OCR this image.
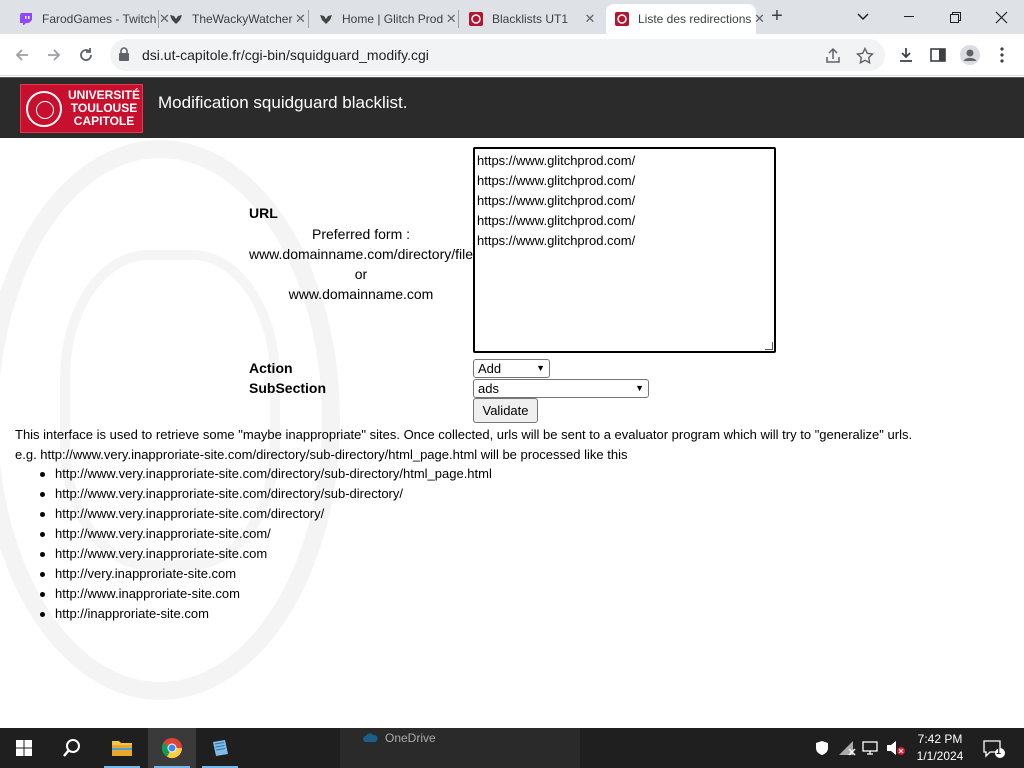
FarodGames - Twitch ✕ TheWackyWatcher ✕	Home | Glitch Prod ✕	Blacklists UT1	✕	Liste des redirections ✕ +
dsi.ut-capitole.fr/cgi-bin/squidguard_modify.cgi
UNIVERSITÉ
TOULOUSE
CAPITOLE
Modification squidguard blacklist.
URL
Preferred form :
www.domainname.com/directory/file
or
www.domainname.com
https://www.glitchprod.com/
https://www.glitchprod.com/
https://www.glitchprod.com/
https://www.glitchprod.com/
https://www.glitchprod.com/
Action	Add	▼
SubSection	ads	▼
Validate
This interface is used to retrieve some "maybe inappropriate" sites. Once collected, urls will be sent to a evaluator program which will try to "generalize" urls.
e.g. http://www.very.inapproriate-site.com/directory/sub-directory/html_page.html will be processed like this
http://www.very.inapproriate-site.com/directory/sub-directory/html_page.html
http://www.very.inapproriate-site.com/directory/sub-directory/
http://www.very.inapproriate-site.com/directory/
http://www.very.inapproriate-site.com/
http://www.very.inapproriate-site.com
http://very.inapproriate-site.com
http://www.inapproriate-site.com
http://inapproriate-site.com
7:42 PM
1/1/2024	1
OneDrive
